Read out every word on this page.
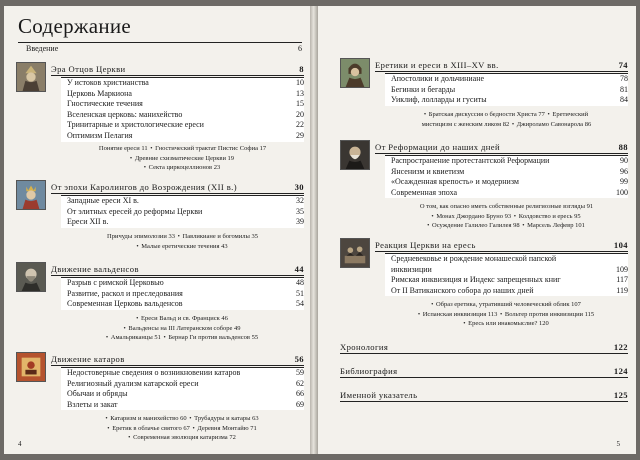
Содержание
Введение	6
Эра Отцов Церкви	8
У истоков христианства	10
Церковь Маркиона	13
Гностические течения	15
Вселенская церковь: манихейство	20
Тринитарные и христологические ереси	22
Оптимизм Пелагия	29
Понятие ереси 11 • Гностический трактат Пистис Софиа 17
• Древние схизматические Церкви 19
• Секта циркоцеллионов 23
От эпохи Каролингов до Возрождения (XII в.)	30
Западные ереси XI в.	32
От элитных ересей до реформы Церкви	35
Ереси XII в.	39
Причуды эпимолозии 33 • Павликиане и богомилы 35
• Малые еретические течения 43
Движение вальденсов	44
Разрыв с римской Церковью	48
Развитие, раскол и преследования	51
Современная Церковь вальденсов	54
• Ереси Вальд и св. Франциск 46
• Вальденсы на III Латеранском соборе 49
• Амальриканцы 51 • Бернар Ги против вальденсов 55
Движение катаров	56
Недостоверные сведения о возникновении катаров	59
Религиозный дуализм катарской ереси	62
Обычаи и обряды	66
Взлеты и закат	69
• Катаризм и манихейство 60 • Трубадуры и катары 63
• Еретик в облачье святого 67 • Деревня Монтайю 71
• Современная эволюция катаризма 72
4
Еретики и ереси в XIII–XV вв.	74
Апостолики и дольчиниане	78
Бегинки и бегарды	81
Уиклиф, лолларды и гуситы	84
• Братская дискуссия о бедности Христа 77 • Еретический
мистицизм с женским ликом 82 • Джироламо Савонарола 86
От Реформации до наших дней	88
Распространение протестантской Реформации	90
Янсенизм и квиетизм	96
«Осажденная крепость» и модернизм	99
Современная эпоха	100
О том, как опасно иметь собственные религиозные взгляды 91
• Монах Джордано Бруно 93 • Колдовство и ересь 95
• Осуждение Галилео Галилея 98 • Марсель Лефевр 101
Реакция Церкви на ересь	104
Средневековье и рождение монашеской папской
инквизиции	109
Римская инквизиция и Индекс запрещенных книг	117
От II Ватиканского собора до наших дней	119
• Образ еретика, утративший человеческий облик 107
• Испанская инквизиция 113 • Вольтер против инквизиции 115
• Ересь или инакомыслие? 120
Хронология	122
Библиография	124
Именной указатель	125
5
